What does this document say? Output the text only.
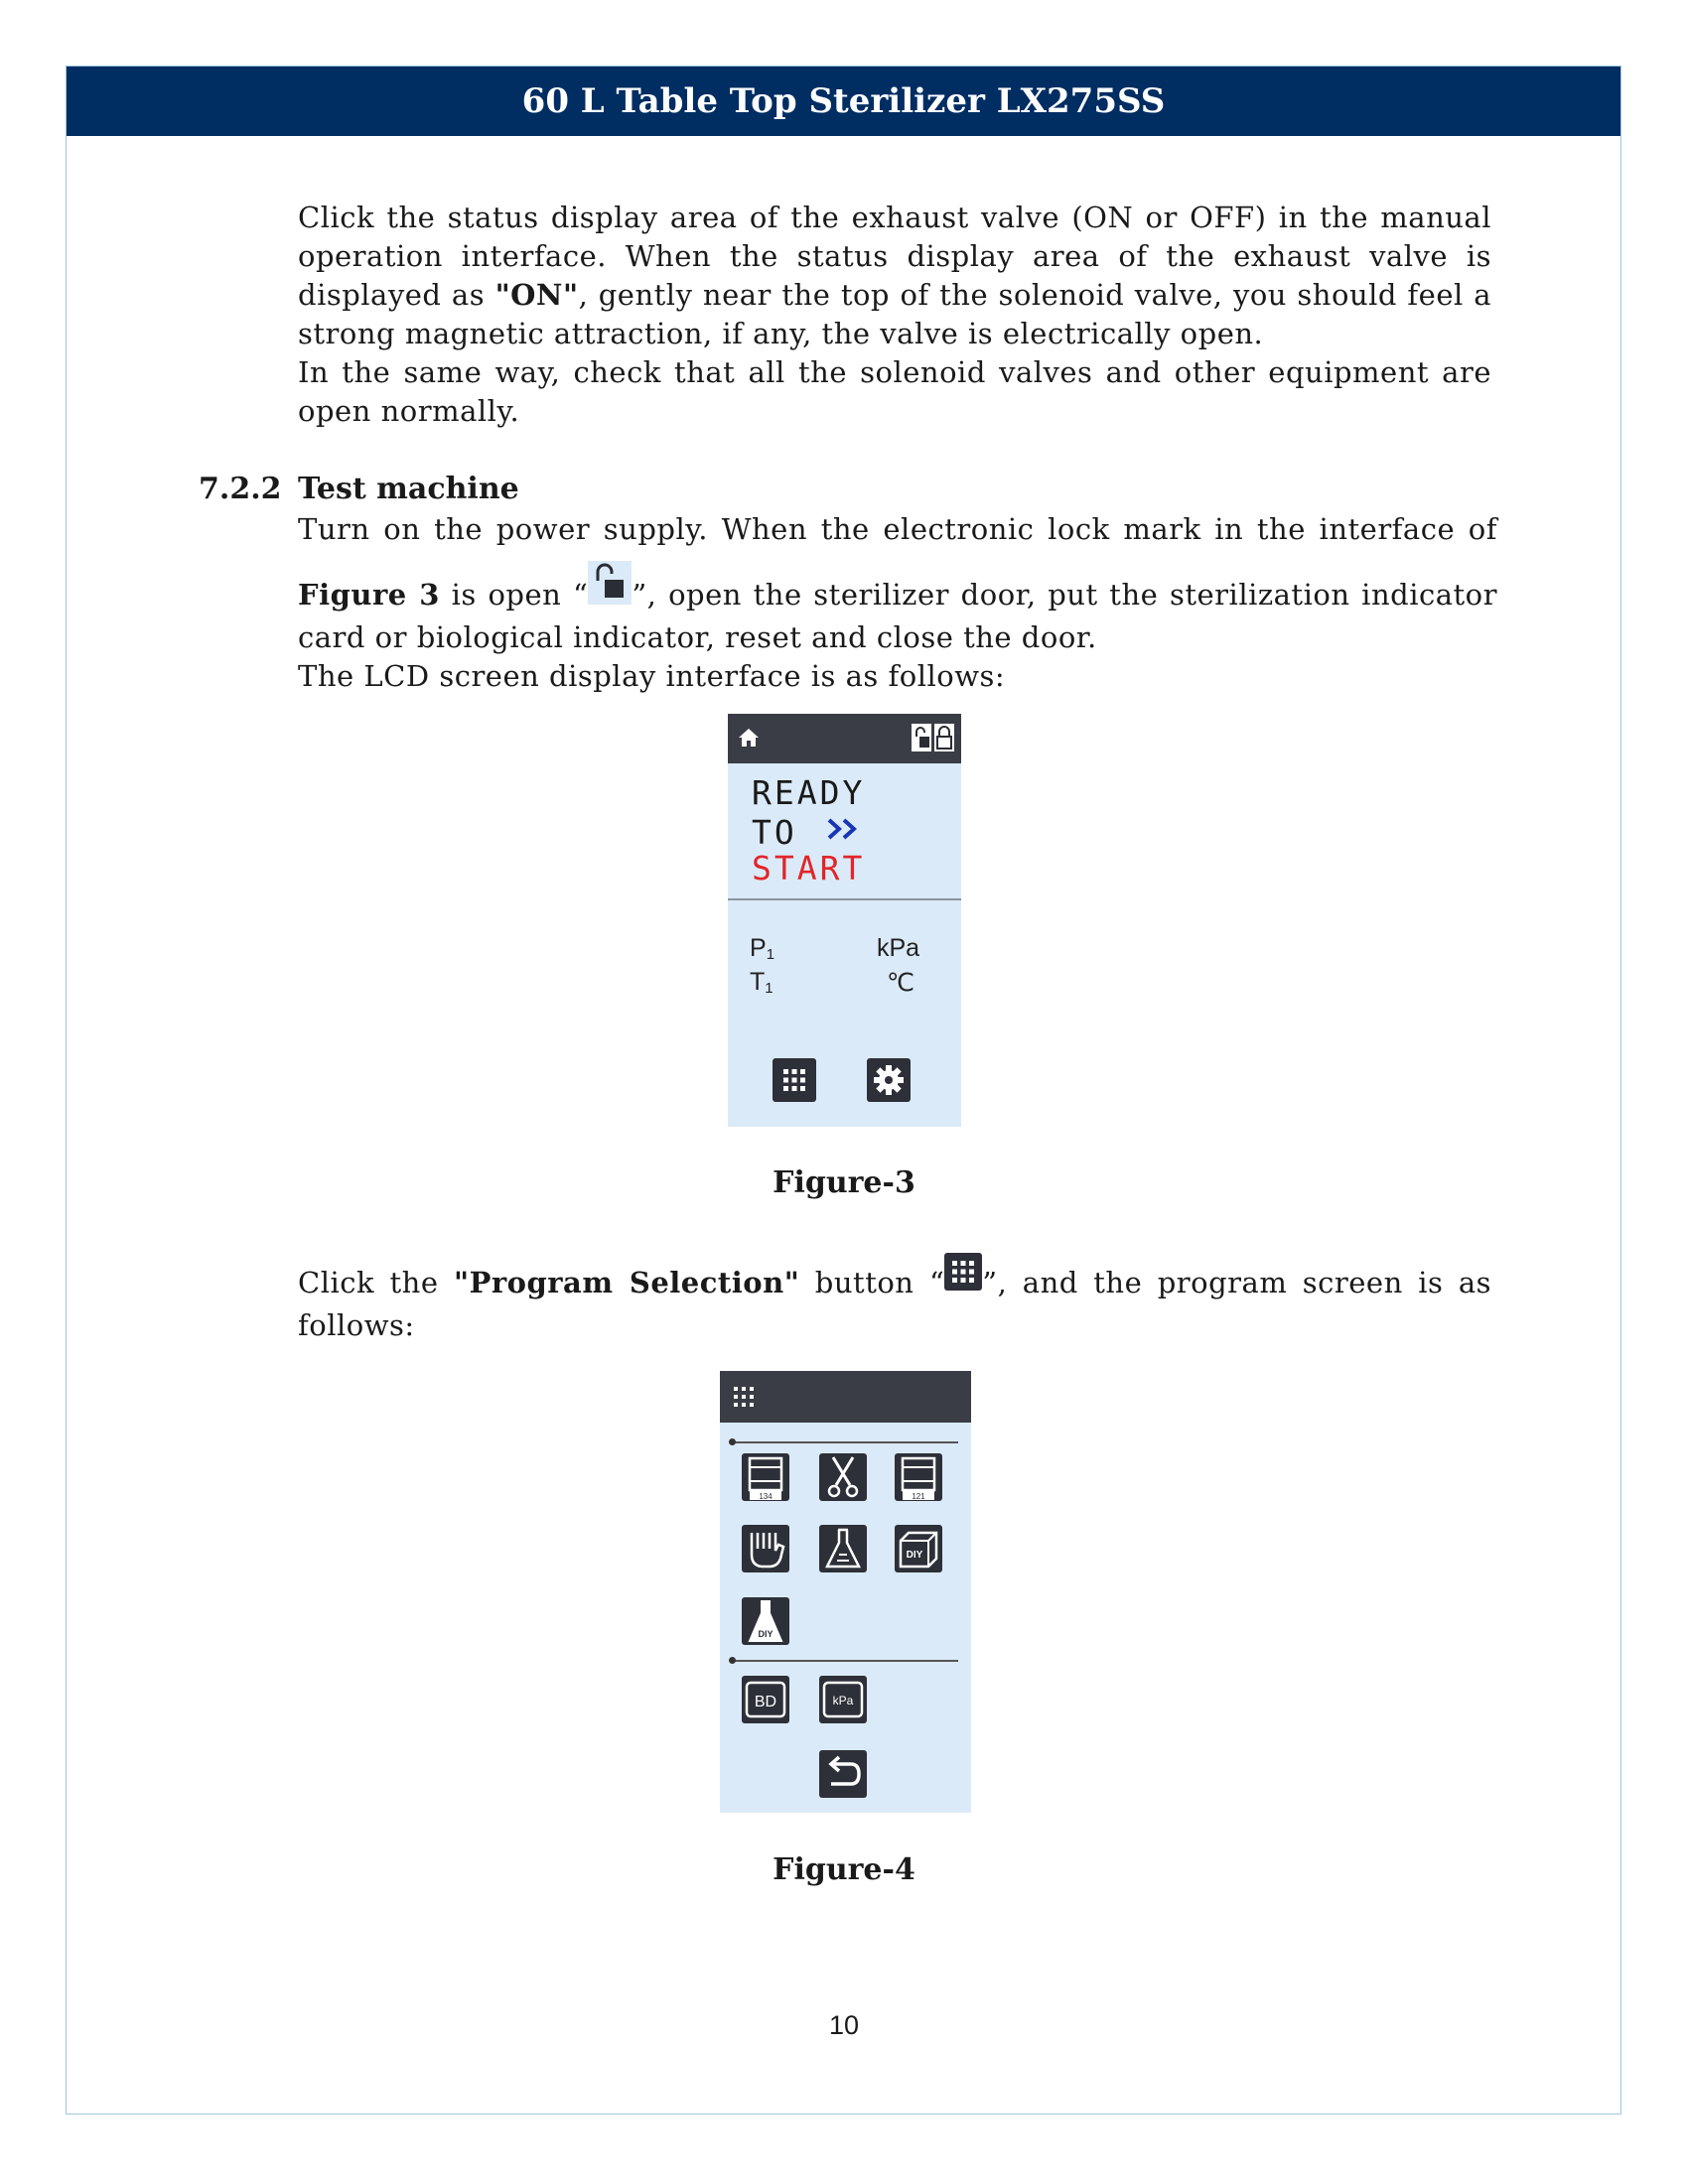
60 L Table Top Sterilizer LX275SS

Click the status display area of the exhaust valve (ON or OFF) in the manual operation interface. When the status display area of the exhaust valve is displayed as "ON", gently near the top of the solenoid valve, you should feel a strong magnetic attraction, if any, the valve is electrically open.

In the same way, check that all the solenoid valves and other equipment are open normally.

7.2.2 Test machine

Turn on the power supply. When the electronic lock mark in the interface of

Figure 3 is open “ ”, open the sterilizer door, put the sterilization indicator card or biological indicator, reset and close the door.

The LCD screen display interface is as follows:

READY
TO
START
$P_1$	kPa
$T_1$	℃
Figure-3

Click the "Program Selection" button “ ”, and the program screen is as follows:

134	121
DIY
DIY
BD	kPa
Figure-4
10
